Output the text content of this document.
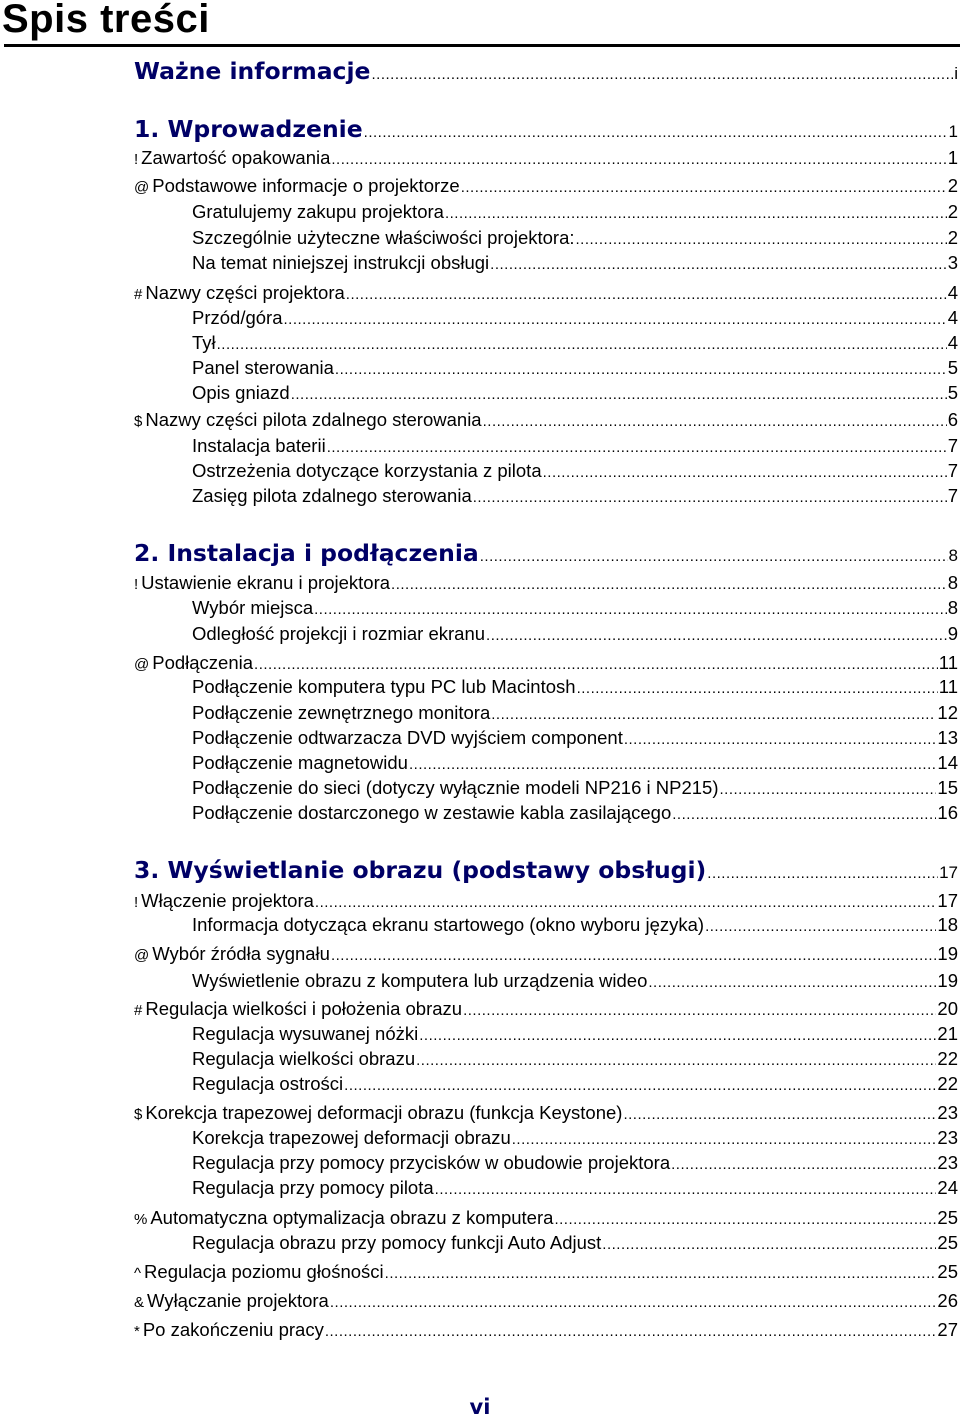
Spis treści
Ważne informacje .....	i
1. Wprowadzenie .....	1
! Zawartość opakowania .....	1
@ Podstawowe informacje o projektorze .....	2
Gratulujemy zakupu projektora .....	2
Szczególnie użyteczne właściwości projektora: .....	2
Na temat niniejszej instrukcji obsługi .....	3
# Nazwy części projektora .....	4
Przód/góra .....	4
Tył .....	4
Panel sterowania .....	5
Opis gniazd .....	5
$ Nazwy części pilota zdalnego sterowania .....	6
Instalacja baterii .....	7
Ostrzeżenia dotyczące korzystania z pilota .....	7
Zasięg pilota zdalnego sterowania .....	7
2. Instalacja i podłączenia .....	8
! Ustawienie ekranu i projektora .....	8
Wybór miejsca .....	8
Odległość projekcji i rozmiar ekranu .....	9
@ Podłączenia .....	11
Podłączenie komputera typu PC lub Macintosh .....	11
Podłączenie zewnętrznego monitora .....	12
Podłączenie odtwarzacza DVD wyjściem component .....	13
Podłączenie magnetowidu .....	14
Podłączenie do sieci (dotyczy wyłącznie modeli NP216 i NP215) .....	15
Podłączenie dostarczonego w zestawie kabla zasilającego .....	16
3. Wyświetlanie obrazu (podstawy obsługi) .....	17
! Włączenie projektora .....	17
Informacja dotycząca ekranu startowego (okno wyboru języka) .....	18
@ Wybór źródła sygnału .....	19
Wyświetlenie obrazu z komputera lub urządzenia wideo .....	19
# Regulacja wielkości i położenia obrazu .....	20
Regulacja wysuwanej nóżki .....	21
Regulacja wielkości obrazu .....	22
Regulacja ostrości .....	22
$ Korekcja trapezowej deformacji obrazu (funkcja Keystone) .....	23
Korekcja trapezowej deformacji obrazu .....	23
Regulacja przy pomocy przycisków w obudowie projektora .....	23
Regulacja przy pomocy pilota .....	24
% Automatyczna optymalizacja obrazu z komputera .....	25
Regulacja obrazu przy pomocy funkcji Auto Adjust .....	25
^ Regulacja poziomu głośności .....	25
& Wyłączanie projektora .....	26
* Po zakończeniu pracy .....	27
vi
